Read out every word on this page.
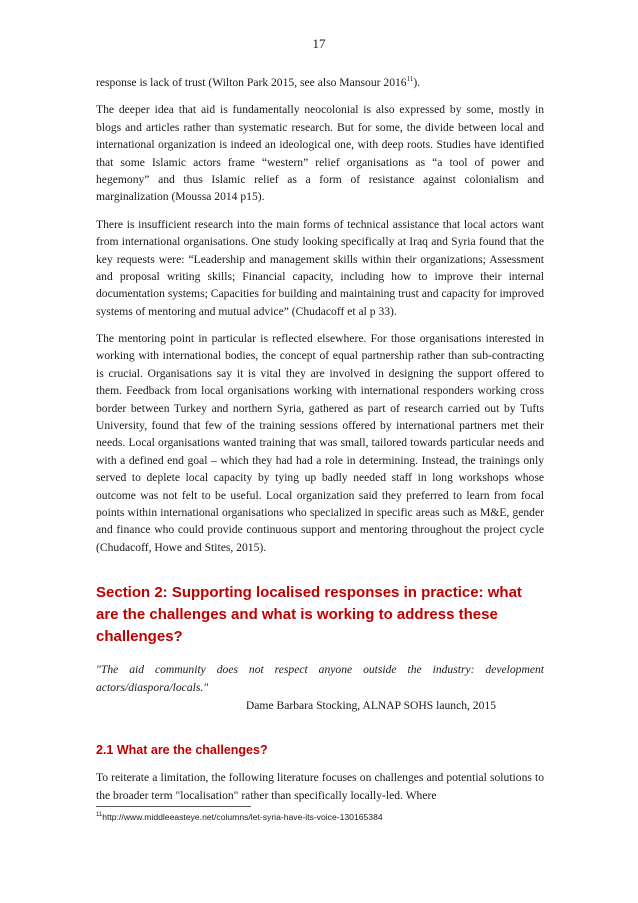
17

response is lack of trust (Wilton Park 2015, see also Mansour 2016$^{11}$).

The deeper idea that aid is fundamentally neocolonial is also expressed by some, mostly in blogs and articles rather than systematic research. But for some, the divide between local and international organization is indeed an ideological one, with deep roots. Studies have identified that some Islamic actors frame “western” relief organisations as “a tool of power and hegemony” and thus Islamic relief as a form of resistance against colonialism and marginalization (Moussa 2014 p15).

There is insufficient research into the main forms of technical assistance that local actors want from international organisations. One study looking specifically at Iraq and Syria found that the key requests were: “Leadership and management skills within their organizations; Assessment and proposal writing skills; Financial capacity, including how to improve their internal documentation systems; Capacities for building and maintaining trust and capacity for improved systems of mentoring and mutual advice” (Chudacoff et al p 33).

The mentoring point in particular is reflected elsewhere. For those organisations interested in working with international bodies, the concept of equal partnership rather than sub-contracting is crucial. Organisations say it is vital they are involved in designing the support offered to them. Feedback from local organisations working with international responders working cross border between Turkey and northern Syria, gathered as part of research carried out by Tufts University, found that few of the training sessions offered by international partners met their needs. Local organisations wanted training that was small, tailored towards particular needs and with a defined end goal – which they had had a role in determining. Instead, the trainings only served to deplete local capacity by tying up badly needed staff in long workshops whose outcome was not felt to be useful. Local organization said they preferred to learn from focal points within international organisations who specialized in specific areas such as M&E, gender and finance who could provide continuous support and mentoring throughout the project cycle (Chudacoff, Howe and Stites, 2015).

Section 2: Supporting localised responses in practice: what are the challenges and what is working to address these challenges?

"The aid community does not respect anyone outside the industry: development actors/diaspora/locals."

Dame Barbara Stocking, ALNAP SOHS launch, 2015
2.1 What are the challenges?

To reiterate a limitation, the following literature focuses on challenges and potential solutions to the broader term "localisation" rather than specifically locally-led. Where

$^{11}$http://www.middleeasteye.net/columns/let-syria-have-its-voice-130165384
